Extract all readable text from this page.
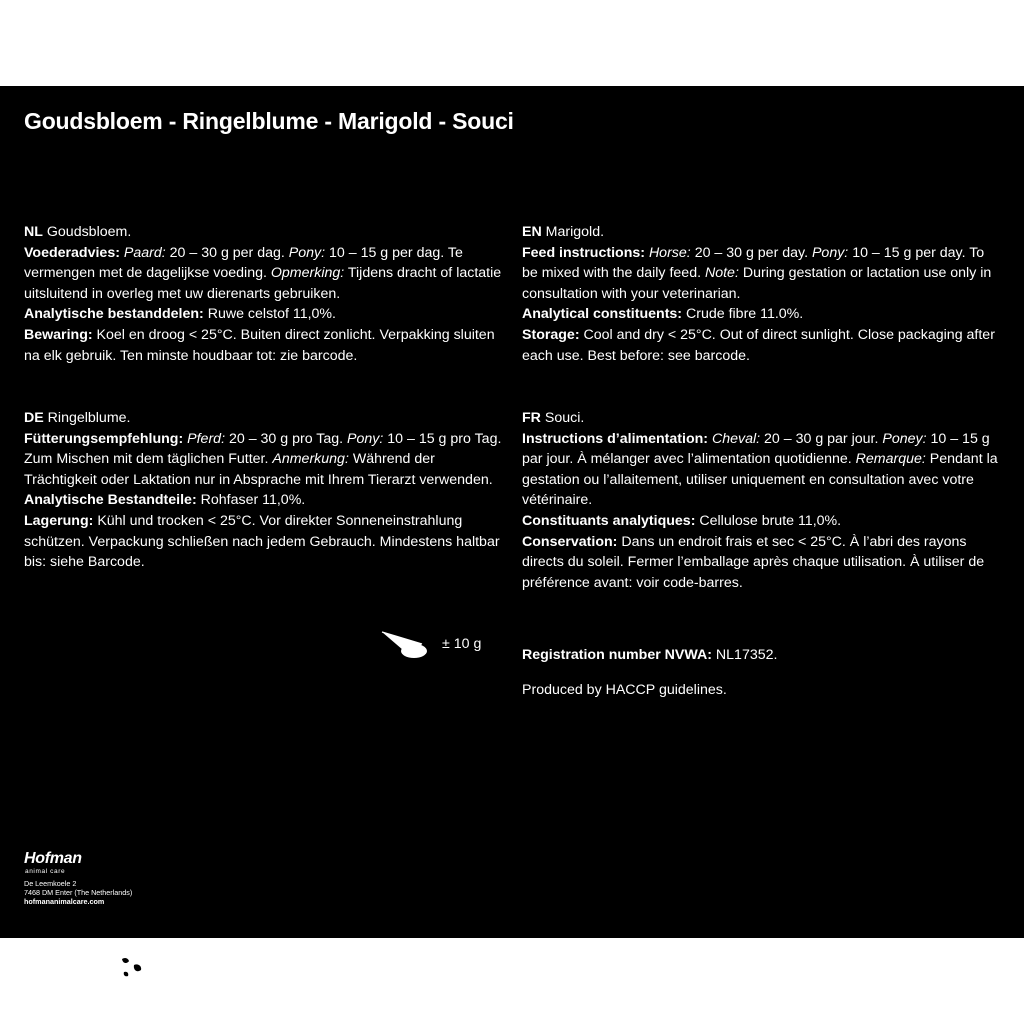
Goudsbloem - Ringelblume - Marigold - Souci

NL Goudsbloem.

Voederadvies: Paard: 20 – 30 g per dag. Pony: 10 – 15 g per dag. Te vermengen met de dagelijkse voeding. Opmerking: Tijdens dracht of lactatie uitsluitend in overleg met uw dierenarts gebruiken.

Analytische bestanddelen: Ruwe celstof 11,0%.

Bewaring: Koel en droog < 25°C. Buiten direct zonlicht. Verpakking sluiten na elk gebruik. Ten minste houdbaar tot: zie barcode.

EN Marigold.

Feed instructions: Horse: 20 – 30 g per day. Pony: 10 – 15 g per day. To be mixed with the daily feed. Note: During gestation or lactation use only in consultation with your veterinarian.

Analytical constituents: Crude fibre 11.0%.

Storage: Cool and dry < 25°C. Out of direct sunlight. Close packaging after each use. Best before: see barcode.

DE Ringelblume.

Fütterungsempfehlung: Pferd: 20 – 30 g pro Tag. Pony: 10 – 15 g pro Tag. Zum Mischen mit dem täglichen Futter. Anmerkung: Während der Trächtigkeit oder Laktation nur in Absprache mit Ihrem Tierarzt verwenden.

Analytische Bestandteile: Rohfaser 11,0%.

Lagerung: Kühl und trocken < 25°C. Vor direkter Sonneneinstrahlung schützen. Verpackung schließen nach jedem Gebrauch. Mindestens haltbar bis: siehe Barcode.

FR Souci.

Instructions d’alimentation: Cheval: 20 – 30 g par jour. Poney: 10 – 15 g par jour. À mélanger avec l’alimentation quotidienne. Remarque: Pendant la gestation ou l’allaitement, utiliser uniquement en consultation avec votre vétérinaire.

Constituants analytiques: Cellulose brute 11,0%.

Conservation: Dans un endroit frais et sec < 25°C. À l’abri des rayons directs du soleil. Fermer l’emballage après chaque utilisation. À utiliser de préférence avant: voir code-barres.

± 10 g

Registration number NVWA: NL17352.

Produced by HACCP guidelines.

Hofman
animal care
De Leemkoele 2
7468 DM Enter (The Netherlands)
hofmananimalcare.com
